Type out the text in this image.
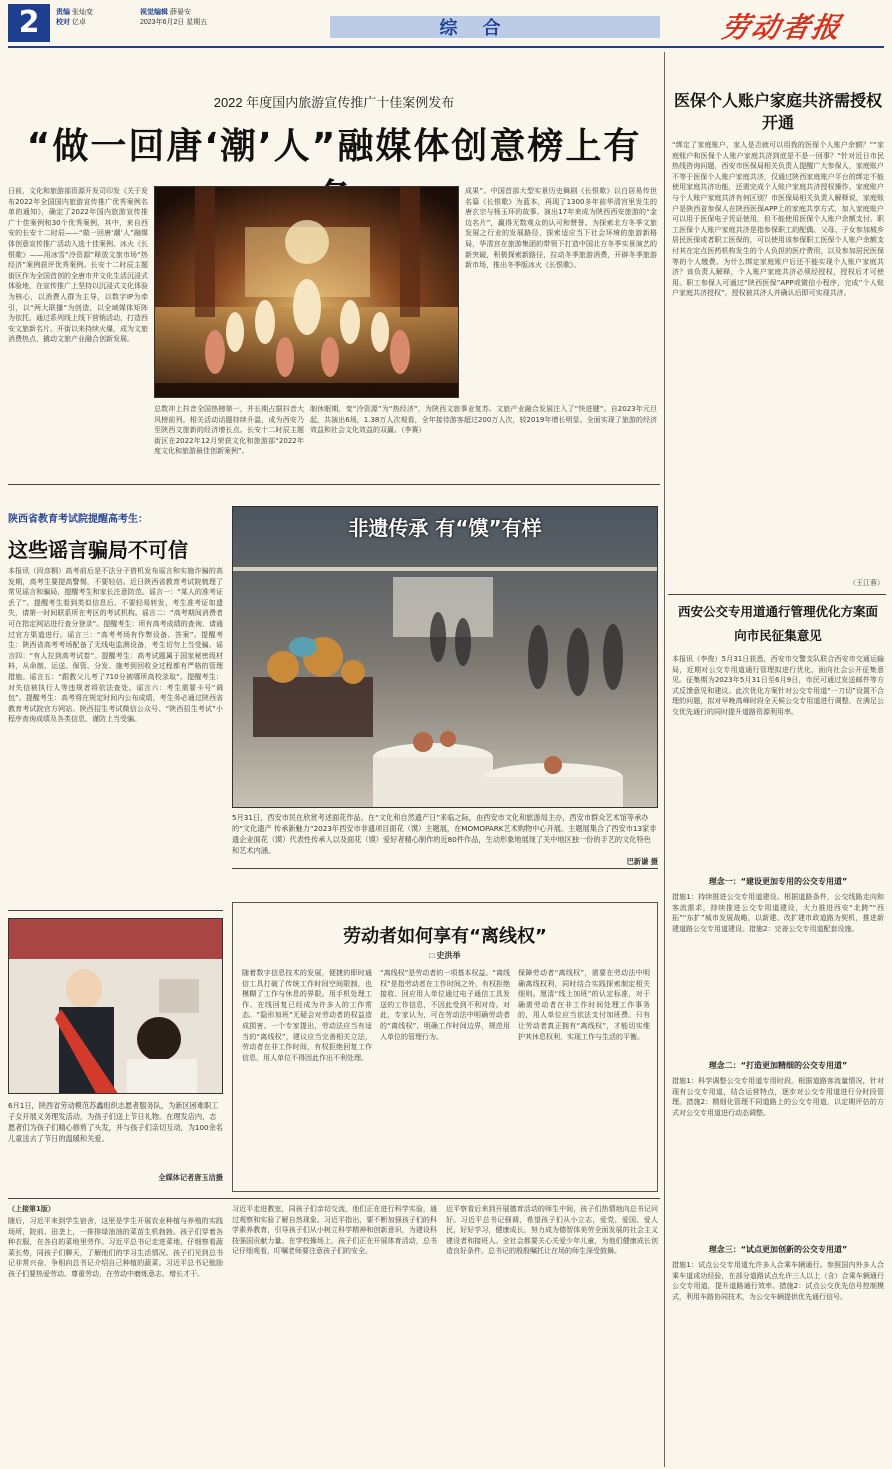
2	责编 张灿变
校对 亿卓
视觉编辑 薛晏安
2023年6月2日 星期五	综 合	劳动者报
2022 年度国内旅游宣传推广十佳案例发布
“做一回唐‘潮’人”融媒体创意榜上有
日前，文化和旅游部资源开发司印发《关于发布2022年全国国内旅游宣传推广优秀案例名单的通知》，确定了2022年国内旅游宣传推广十佳案例和30个优秀案例，其中，来自西安的长安十二时辰——“做一回唐‘潮’人”融媒体创意宣传推广活动入选十佳案例、冰火《长恨歌》——用冰雪“冷资源”释放文旅市场“热经济”案例获评优秀案例。长安十二时辰主题街区作为全国首创的全唐市井文化生活沉浸式体验地，在宣传推广上坚持以沉浸式文化体验为核心，以消费人群为主导，以数字IP为牵引，以“两大联播”为创造，以全域媒体矩阵为依托，通过系列线上线下营销活动，打造西安文旅新名片。开街以来持续火爆，成为文旅消费热点，撬动文旅产业融合创新发展。
成果”。中国首部大型实景历史舞剧《长恨歌》以白居易传世名篇《长恨歌》为蓝本，再现了1300多年前华清宫里发生的唐玄宗与杨玉环的故事。演出17年来成为陕西西安旅游的“金边名片”，赢得无数观众的认可和赞誉。为探索北方冬季文旅发展之行业的发展路径，探索适应当下社会环境的旅游新格局，华清宫在旅游集团的带领下打造中国北方冬季实景演艺的新突破，积极探索新路径，拉动冬季旅游消费，开辟冬季旅游新市场，推出冬季版冰火《长恨歌》。
总数冲上抖音全国热榜第一，并长期占据抖音大风榜前列。相关活动话题持续升温，成为西安乃至陕西文旅新的经济增长点。长安十二时辰主题街区在2022年12月荣获文化和旅游部“2022年度文化和旅游最佳创新案例”。
制休眠期，变“冷资源”为“热经济”，为陕西文旅事业复苏、文旅产业融合发展注入了“快进键”。自2023年元旦起，共演出6场，1.38万人次观看，全年接待游客超过200万人次，较2019年增长明显。全面实现了旅游的经济效益和社会文化效益的双赢。（李赛）
医保个人账户家庭共济需授权开通
“绑定了家庭账户，家人是否就可以用我的医保个人账户余额？”“家庭账户和医保个人账户家庭共济到底是不是一回事？”针对近日市民热线咨询问题，西安市医保局相关负责人提醒广大参保人，家庭账户不等于医保个人账户家庭共济，仅通过陕西家庭账户平台的绑定不能使用家庭共济功能，还需完成个人账户家庭共济授权操作。家庭账户与个人账户家庭共济有何区别？市医保局相关负责人解释说，家庭账户是陕西省参保人在陕西医保APP上的家庭共享方式，加入家庭账户可以用于医保电子凭证使用，但不能使用医保个人账户余额支付。职工医保个人账户家庭共济是指参保职工的配偶、父母、子女参加城乡居民医保或者职工医保的，可以使用该参保职工医保个人账户余额支付其在定点医药机构发生的个人负担的医疗费用，以及参加居民医保等的个人缴费。为什么绑定家庭账户后还不能实现个人账户家庭共济？该负责人解释，个人账户家庭共济必须经授权，授权后才可使用。职工参保人可通过“陕西医保”APP或微信小程序，完成“个人账户家庭共济授权”，授权被共济人并确认后即可实现共济。
（王江蓉）
陕西省教育考试院提醒高考生：
这些谣言骗局不可信
本报讯（段彦桐）高考前后是不法分子借机发布谣言和实施诈骗的高发期，高考生要提高警惕，不要轻信。近日陕西省教育考试院梳理了常见谣言和骗局，提醒考生和家长注意防范。谣言一：“某人的准考证丢了”。提醒考生看到类似信息后，不要轻易转发，考生准考证如遗失，请第一时间联系所在考区的考试机构。谣言二：“高考期间消费者可在指定网站进行查分登录”。提醒考生：所有高考成绩的查询，请通过官方渠道进行。谣言三：“高考考场有作弊设备、答案”。提醒考生：陕西省高考考场配备了无线电监测设备，考生切勿上当受骗。谣言四：“有人拉到高考试卷”。提醒考生：高考试题属于国家秘密级材料，从命制、运送、保管、分发、施考到回收全过程都有严格的管理措施。谣言五：“跟教父儿考了710分被哪所高校录取”。提醒考生：对失信被执行人等违规者将依法查处。谣言六：考生需要卡号“调包”。提醒考生：高考将在规定时间内公布成绩，考生务必通过陕西省教育考试院官方网站、陕西招生考试微信公众号、“陕西招生考试”小程序查询成绩及各类信息，谨防上当受骗。
非遗传承 有“馍”有样
5月31日，西安市民在欣赏考述面花作品。在“文化和自然遗产日”来临之际，由西安市文化和旅游局主办，西安市群众艺术馆等承办的“文化遗产 传承新魅力”2023年西安市非遗项目面花（馍）主题展，在MOMOPARK艺术购物中心开展。主题展集合了西安市13家非遗企业面花（馍）代表性传承人以及面花（馍）爱好者精心制作的近80件作品，生动形象地展现了关中地区独一份的手艺的文化特色和艺术内涵。
巴新谦 摄
西安公交专用道通行管理优化方案面向市民征集意见
本报讯（李俊）5月31日获悉，西安市交警支队联合西安市交通运输局，近期对公交专用道通行管理拟进行优化，面向社会公开征集意见。征集期为2023年5月31日至6月9日，市民可通过发送邮件等方式反馈意见和建议。此次优化方案针对公交专用道“一刀切”设置不合理的问题，拟对早晚高峰时段全天候公交专用道进行调整，在满足公交优先通行的同时提升道路资源利用率。
理念一：“建设更加专用的公交专用道”
措施1：持续推进公交专用道建设。根据道路条件，公交线路走向和客流需求，持续推进公交专用道建设，大力推进西安“北跨”“西拓”“东扩”城市发展战略，以新建、改扩建市政道路为契机，推进新建道路公交专用道建设。措施2：完善公交专用道配套设施。
理念二：“打造更加精细的公交专用道”
措施1：科学调整公交专用道专用时段。根据道路客流量情况，针对现有公交专用道，结合运营特点，逐步对公交专用道进行分时段管理。措施2：精细化管理不同道路上的公交专用道，以定期评估的方式对公交专用道进行动态调整。
理念三：“试点更加创新的公交专用道”
措施1：试点公交专用道允许多人合乘车辆通行。参照国内外多人合乘车道成功经验，在部分道路试点允许三人以上（含）合乘车辆通行公交专用道，提升道路通行效率。措施2：试点公交优先信号控制模式，利用车路协同技术，为公交车辆提供优先通行信号。
6月1日，陕西省劳动模范苏鑫组织志愿者服务队，为新区困难职工子女开展义务理发活动，为孩子们送上节日礼物。在理发店内，志愿者们为孩子们精心修剪了头发，并与孩子们亲切互动，为100余名儿童送去了节日的温暖和关爱。
全媒体记者唐玉洁摄
劳动者如何享有“离线权”
□ 史洪举
随着数字信息技术的发展，便捷的即时通信工具打破了传统工作时间空间限制，也模糊了工作与休息的界限。用手机处理工作、在线回复已经成为许多人的工作常态。“隐形加班”无疑会对劳动者的权益造成损害。一个专家提出，劳动法应当有适当的“离线权”，建议应当完善相关立法，劳动者在非工作时间，有权拒绝回复工作信息，用人单位不得因此作出不利处理。
“离线权”是劳动者的一项基本权益。“离线权”是指劳动者在工作时间之外，有权拒绝接收、回应用人单位通过电子通信工具发送的工作信息，不因此受到不利对待。对此，专家认为，可在劳动法中明确劳动者的“离线权”，明确工作时间边界，规范用人单位的管理行为。
保障劳动者“离线权”，需要在劳动法中明确离线权利，同时结合实践探索制定相关细则。厘清“线上加班”的认定标准，对于确需劳动者在非工作时间处理工作事务的，用人单位应当依法支付加班费。只有让劳动者真正拥有“离线权”，才能切实维护其休息权利，实现工作与生活的平衡。
（上接第1版）
随后，习近平来到学生宿舍，这里是学生开展农业种植与养殖的实践场所，院前、田垄上，一排排绿油油的菜苗生机勃勃。孩子们穿着各种衣服，在各自的菜地里劳作。习近平总书记走进菜地，仔细察看蔬菜长势，同孩子们聊天，了解他们的学习生活情况。孩子们见到总书记非常兴奋，争相向总书记介绍自己种植的蔬菜。习近平总书记勉励孩子们要热爱劳动、尊重劳动，在劳动中磨炼意志、增长才干。
习近平走进教室，同孩子们亲切交流，他们正在进行科学实验，通过观察和实验了解自然现象。习近平指出，要不断加强孩子们的科学素养教育，引导孩子们从小树立科学精神和创新意识，为建设科技强国贡献力量。在学校操场上，孩子们正在开展体育活动，总书记仔细观看，叮嘱老师要注意孩子们的安全。
近平察看后来到开展德育活动的师生中间，孩子们热情地向总书记问好。习近平总书记强调，希望孩子们从小立志，爱党、爱国、爱人民，好好学习，健康成长，努力成为德智体美劳全面发展的社会主义建设者和接班人。全社会都要关心关爱少年儿童，为他们健康成长创造良好条件。总书记的殷殷嘱托让在场的师生深受鼓舞。
